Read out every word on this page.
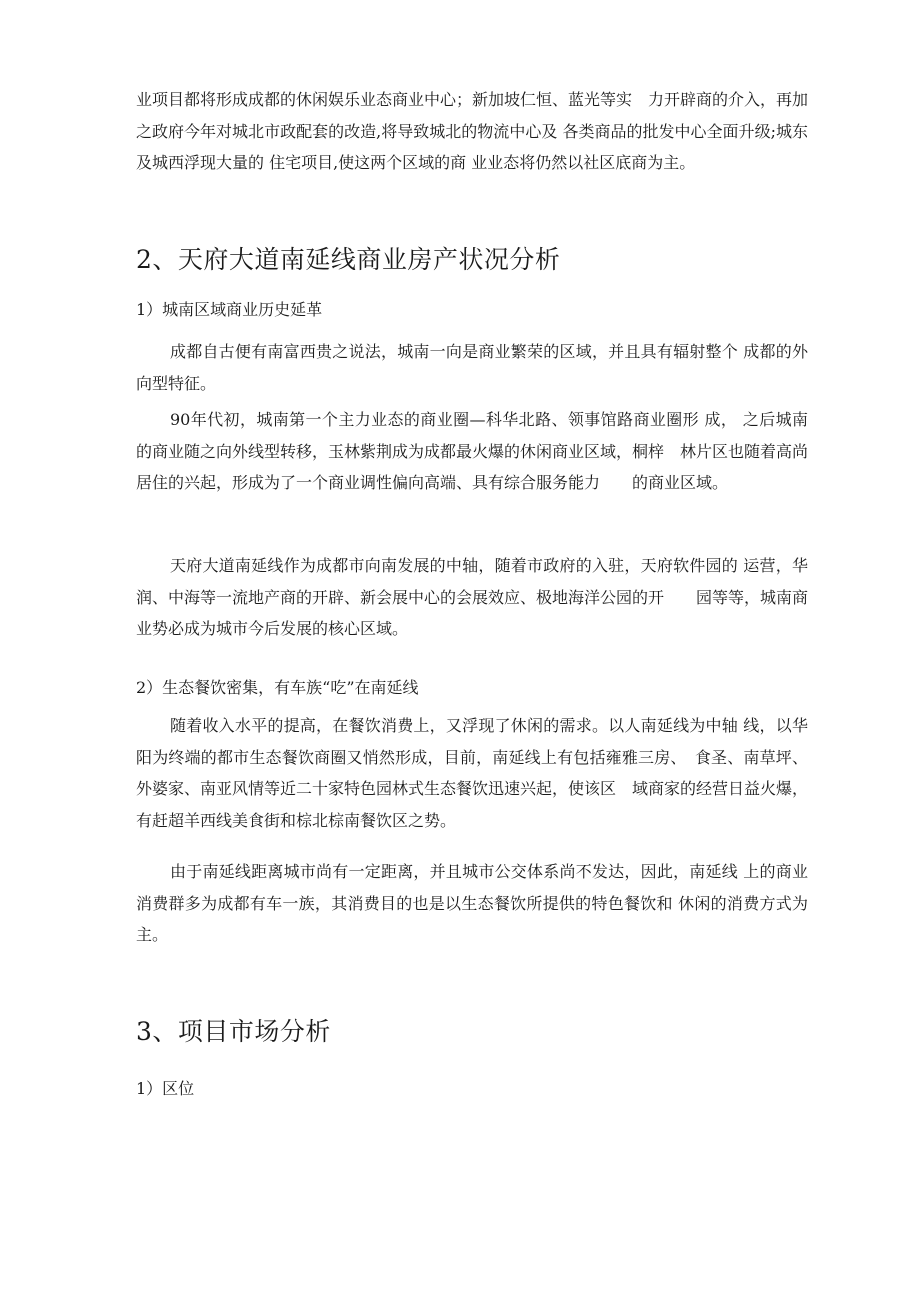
业项目都将形成成都的休闲娱乐业态商业中心；新加坡仁恒、蓝光等实　力开辟商的介入，再加之政府今年对城北市政配套的改造,将导致城北的物流中心及 各类商品的批发中心全面升级;城东及城西浮现大量的 住宅项目,使这两个区域的商 业业态将仍然以社区底商为主。

2、天府大道南延线商业房产状况分析
1）城南区域商业历史延革

成都自古便有南富西贵之说法，城南一向是商业繁荣的区域，并且具有辐射整个 成都的外向型特征。

90年代初，城南第一个主力业态的商业圈—科华北路、领事馆路商业圈形 成， 之后城南的商业随之向外线型转移，玉林紫荆成为成都最火爆的休闲商业区域，桐梓　林片区也随着高尚居住的兴起，形成为了一个商业调性偏向高端、具有综合服务能力　　的商业区域。

天府大道南延线作为成都市向南发展的中轴，随着市政府的入驻，天府软件园的 运营，华润、中海等一流地产商的开辟、新会展中心的会展效应、极地海洋公园的开　　园等等，城南商业势必成为城市今后发展的核心区域。

2）生态餐饮密集，有车族“吃”在南延线

随着收入水平的提高，在餐饮消费上，又浮现了休闲的需求。以人南延线为中轴 线，以华阳为终端的都市生态餐饮商圈又悄然形成，目前，南延线上有包括雍雅三房、　食圣、南草坪、外婆家、南亚风情等近二十家特色园林式生态餐饮迅速兴起，使该区　域商家的经营日益火爆，有赶超羊西线美食街和棕北棕南餐饮区之势。

由于南延线距离城市尚有一定距离，并且城市公交体系尚不发达，因此，南延线 上的商业消费群多为成都有车一族，其消费目的也是以生态餐饮所提供的特色餐饮和 休闲的消费方式为主。

3、项目市场分析
1）区位
